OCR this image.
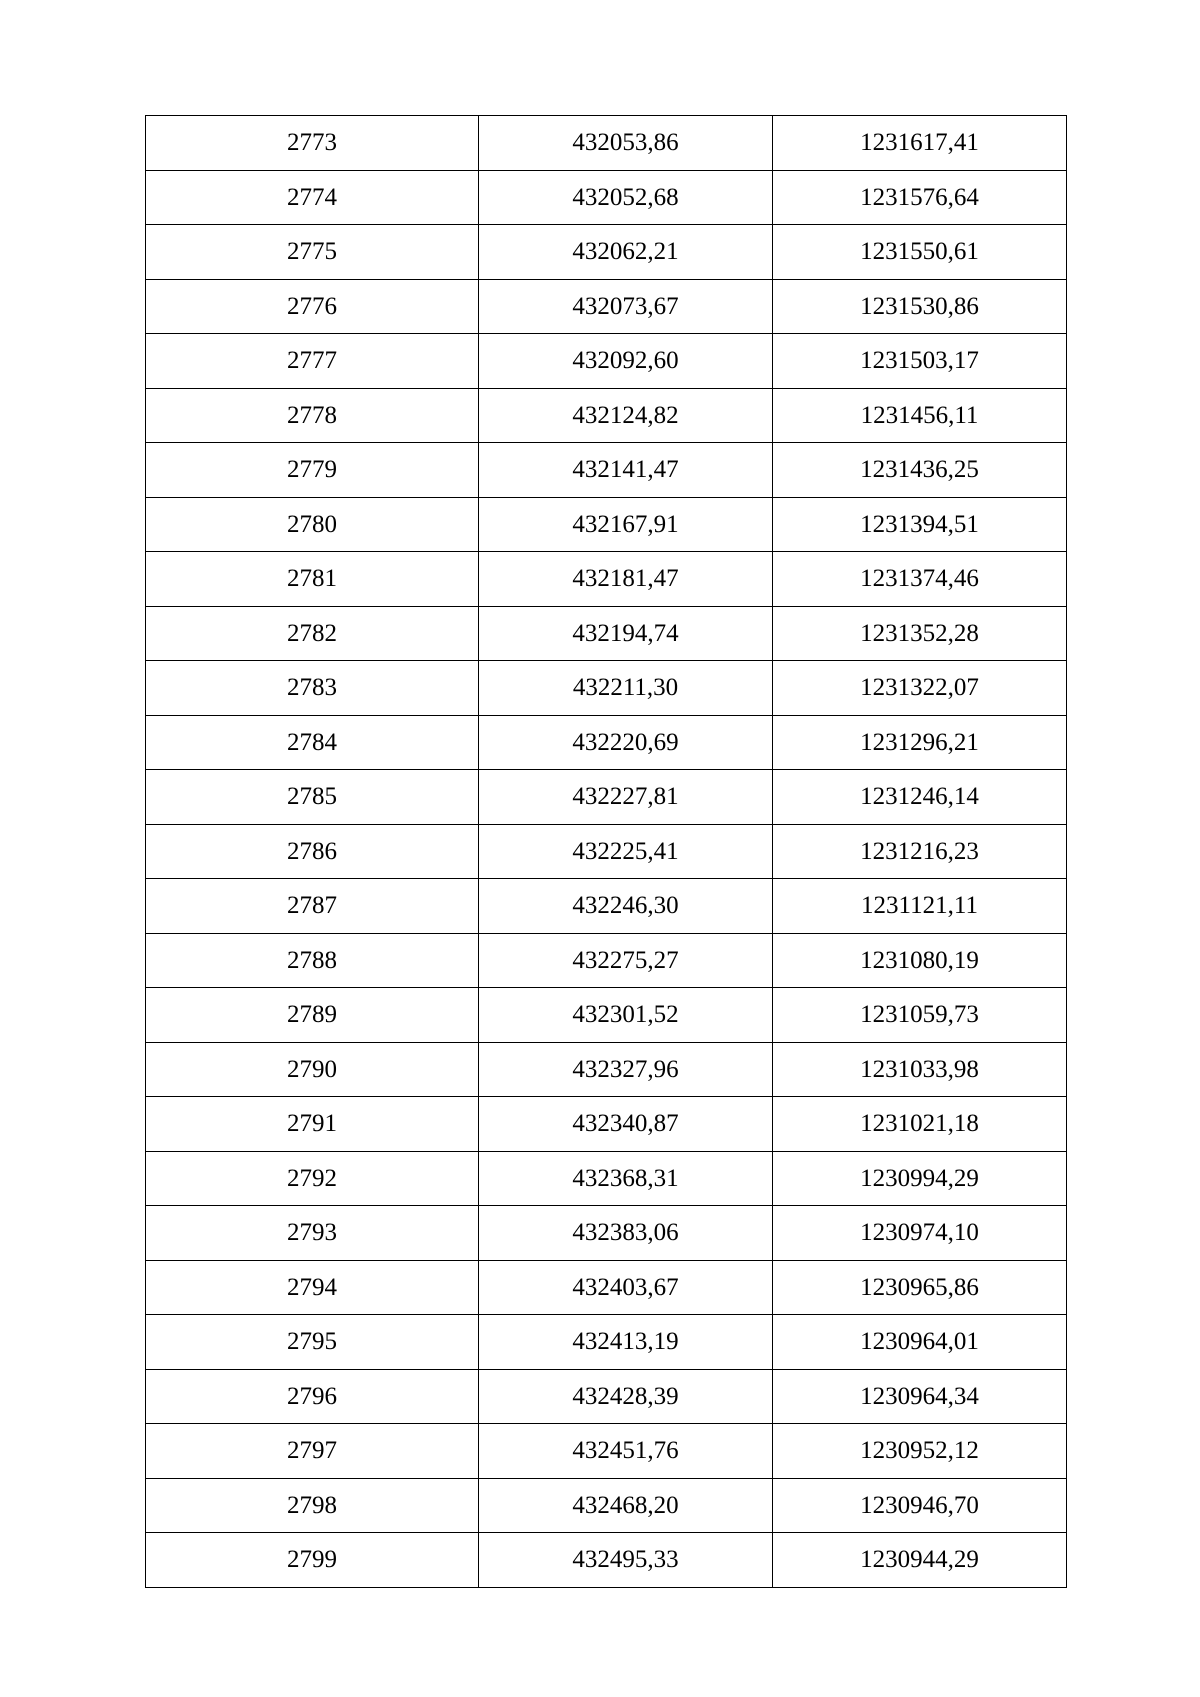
2773	432053,86	1231617,41
2774	432052,68	1231576,64
2775	432062,21	1231550,61
2776	432073,67	1231530,86
2777	432092,60	1231503,17
2778	432124,82	1231456,11
2779	432141,47	1231436,25
2780	432167,91	1231394,51
2781	432181,47	1231374,46
2782	432194,74	1231352,28
2783	432211,30	1231322,07
2784	432220,69	1231296,21
2785	432227,81	1231246,14
2786	432225,41	1231216,23
2787	432246,30	1231121,11
2788	432275,27	1231080,19
2789	432301,52	1231059,73
2790	432327,96	1231033,98
2791	432340,87	1231021,18
2792	432368,31	1230994,29
2793	432383,06	1230974,10
2794	432403,67	1230965,86
2795	432413,19	1230964,01
2796	432428,39	1230964,34
2797	432451,76	1230952,12
2798	432468,20	1230946,70
2799	432495,33	1230944,29
